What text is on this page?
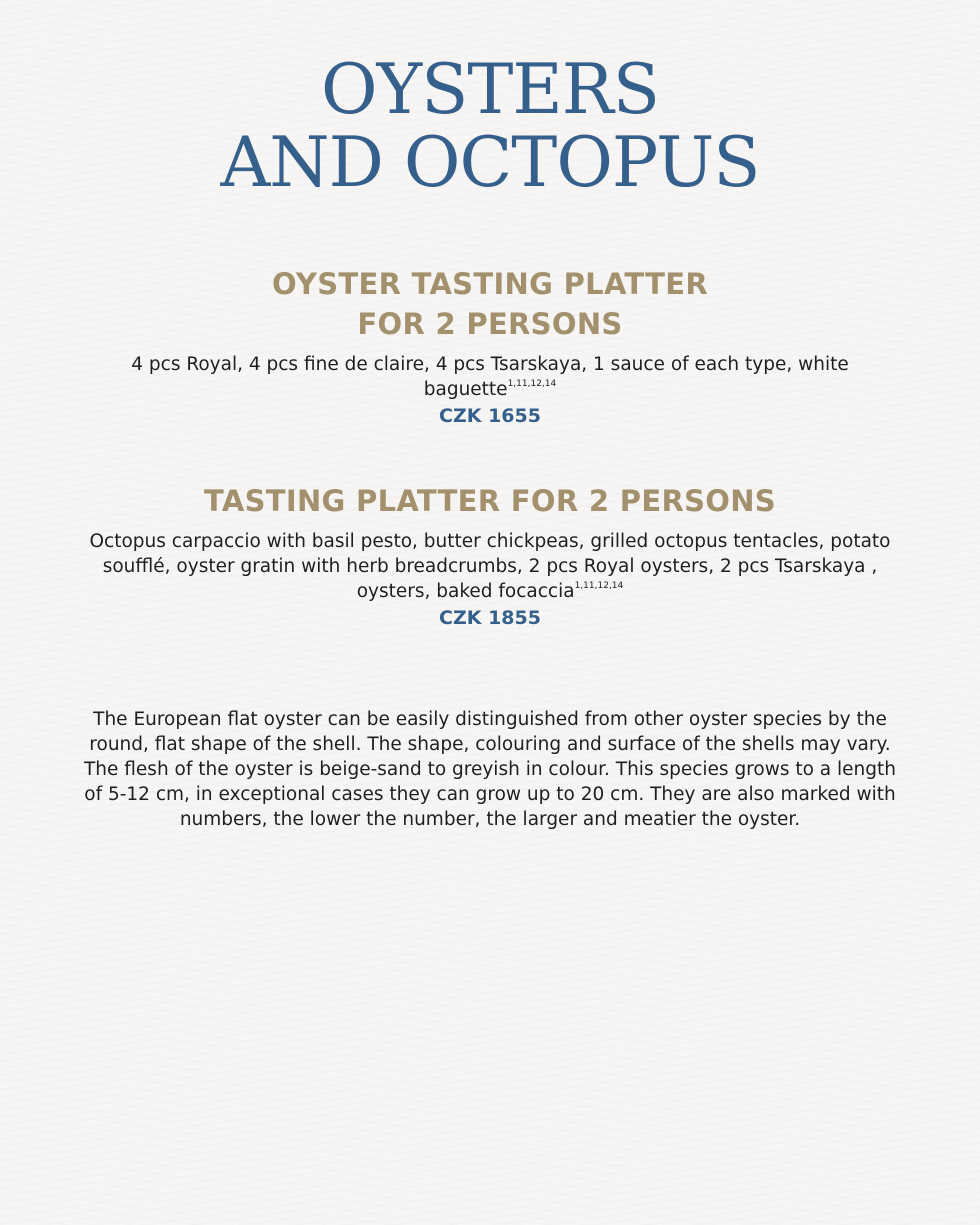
OYSTERS
AND OCTOPUS
OYSTER TASTING PLATTER
FOR 2 PERSONS

4 pcs Royal, 4 pcs fine de claire, 4 pcs Tsarskaya, 1 sauce of each type, white baguette$^{1,11,12,14}$

CZK 1655

TASTING PLATTER FOR 2 PERSONS

Octopus carpaccio with basil pesto, butter chickpeas, grilled octopus tentacles, potato soufflé, oyster gratin with herb breadcrumbs, 2 pcs Royal oysters, 2 pcs Tsarskaya , oysters, baked focaccia$^{1,11,12,14}$

CZK 1855

The European flat oyster can be easily distinguished from other oyster species by the round, flat shape of the shell. The shape, colouring and surface of the shells may vary. The flesh of the oyster is beige-sand to greyish in colour. This species grows to a length of 5-12 cm, in exceptional cases they can grow up to 20 cm. They are also marked with numbers, the lower the number, the larger and meatier the oyster.
